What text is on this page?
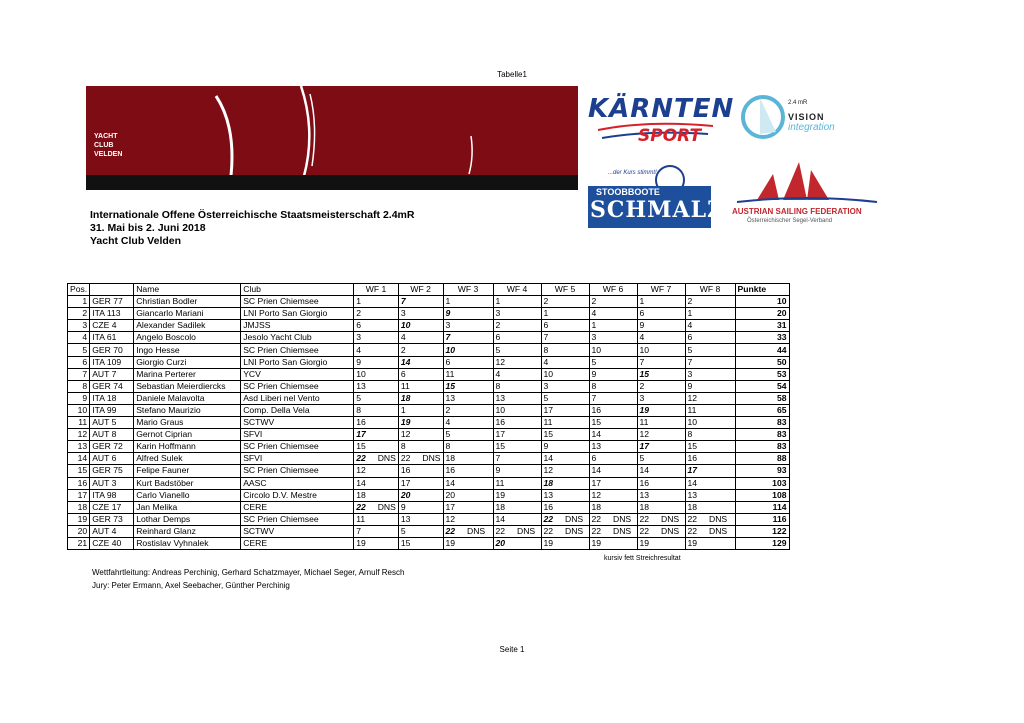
Tabelle1
YACHT
CLUB
VELDEN
KÄRNTEN
SPORT
2.4 mR
VISION
integration
...der Kurs stimmt!
STOOBBOOTE
SCHMALZL
AUSTRIAN SAILING FEDERATION
Österreichischer Segel-Verband
Internationale Offene Österreichische Staatsmeisterschaft 2.4mR
31. Mai bis 2. Juni 2018
Yacht Club Velden
Pos.		Name	Club	WF 1		WF 2		WF 3		WF 4		WF 5		WF 6		WF 7		WF 8		Punkte
1	GER 77	Christian Bodler	SC Prien Chiemsee	1		7		1		1		2		2		1		2		10
2	ITA 113	Giancarlo Mariani	LNI Porto San Giorgio	2		3		9		3		1		4		6		1		20
3	CZE 4	Alexander Sadilek	JMJSS	6		10		3		2		6		1		9		4		31
4	ITA 61	Angelo Boscolo	Jesolo Yacht Club	3		4		7		6		7		3		4		6		33
5	GER 70	Ingo Hesse	SC Prien Chiemsee	4		2		10		5		8		10		10		5		44
6	ITA 109	Giorgio Curzi	LNI Porto San Giorgio	9		14		6		12		4		5		7		7		50
7	AUT 7	Marina Perterer	YCV	10		6		11		4		10		9		15		3		53
8	GER 74	Sebastian Meierdiercks	SC Prien Chiemsee	13		11		15		8		3		8		2		9		54
9	ITA 18	Daniele Malavolta	Asd Liberi nel Vento	5		18		13		13		5		7		3		12		58
10	ITA 99	Stefano Maurizio	Comp. Della Vela	8		1		2		10		17		16		19		11		65
11	AUT 5	Mario Graus	SCTWV	16		19		4		16		11		15		11		10		83
12	AUT 8	Gernot Ciprian	SFVI	17		12		5		17		15		14		12		8		83
13	GER 72	Karin Hoffmann	SC Prien Chiemsee	15		8		8		15		9		13		17		15		83
14	AUT 6	Alfred Sulek	SFVI	22	DNS	22	DNS	18		7		14		6		5		16		88
15	GER 75	Felipe Fauner	SC Prien Chiemsee	12		16		16		9		12		14		14		17		93
16	AUT 3	Kurt Badstöber	AASC	14		17		14		11		18		17		16		14		103
17	ITA 98	Carlo Vianello	Circolo D.V. Mestre	18		20		20		19		13		12		13		13		108
18	CZE 17	Jan Melika	CERE	22	DNS	9		17		18		16		18		18		18		114
19	GER 73	Lothar Demps	SC Prien Chiemsee	11		13		12		14		22	DNS	22	DNS	22	DNS	22	DNS	116
20	AUT 4	Reinhard Glanz	SCTWV	7		5		22	DNS	22	DNS	22	DNS	22	DNS	22	DNS	22	DNS	122
21	CZE 40	Rostislav Vyhnalek	CERE	19		15		19		20		19		19		19		19		129
kursiv fett Streichresultat
Wettfahrtleitung: Andreas Perchinig, Gerhard Schatzmayer, Michael Seger, Arnulf Resch
Jury: Peter Ermann, Axel Seebacher, Günther Perchinig
Seite 1
